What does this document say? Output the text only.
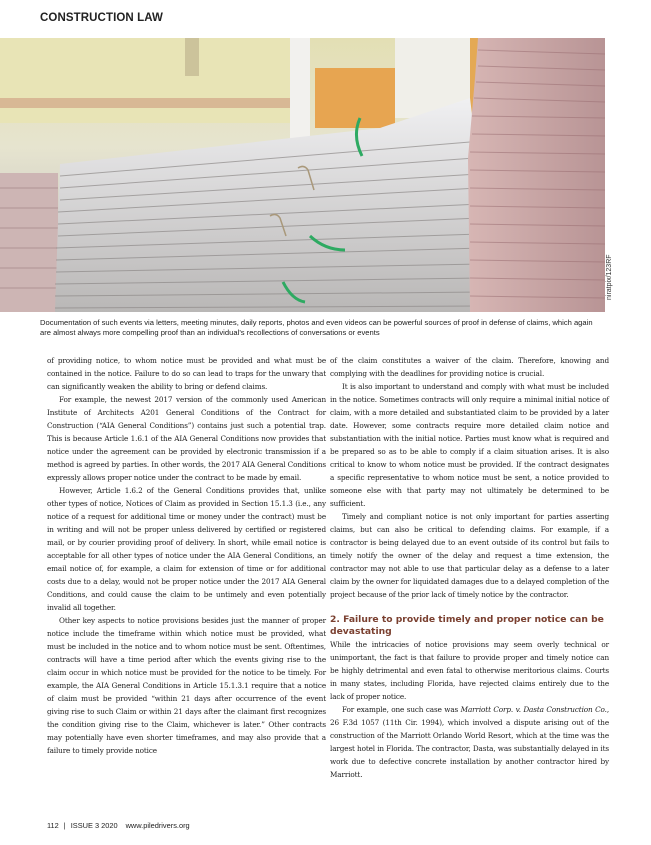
CONSTRUCTION LAW
niratpix/123RF
Documentation of such events via letters, meeting minutes, daily reports, photos and even videos can be powerful sources of proof in defense of claims, which again are almost always more compelling proof than an individual’s recollections of conversations or events

of providing notice, to whom notice must be provided and what must be contained in the notice. Failure to do so can lead to traps for the unwary that can significantly weaken the ability to bring or defend claims.

For example, the newest 2017 version of the commonly used American Institute of Architects A201 General Conditions of the Contract for Construction (“AIA General Conditions”) contains just such a potential trap. This is because Article 1.6.1 of the AIA General Conditions now provides that notice under the agreement can be provided by electronic transmission if a method is agreed by parties. In other words, the 2017 AIA General Conditions expressly allows proper notice under the contract to be made by email.

However, Article 1.6.2 of the General Conditions provides that, unlike other types of notice, Notices of Claim as provided in Section 15.1.3 (i.e., any notice of a request for additional time or money under the contract) must be in writing and will not be proper unless delivered by certified or registered mail, or by courier providing proof of delivery. In short, while email notice is acceptable for all other types of notice under the AIA General Conditions, an email notice of, for example, a claim for extension of time or for additional costs due to a delay, would not be proper notice under the 2017 AIA General Conditions, and could cause the claim to be untimely and even potentially invalid all together.

Other key aspects to notice provisions besides just the manner of proper notice include the timeframe within which notice must be provided, what must be included in the notice and to whom notice must be sent. Oftentimes, contracts will have a time period after which the events giving rise to the claim occur in which notice must be provided for the notice to be timely. For example, the AIA General Conditions in Article 15.1.3.1 require that a notice of claim must be provided “within 21 days after occurrence of the event giving rise to such Claim or within 21 days after the claimant first recognizes the condition giving rise to the Claim, whichever is later.” Other contracts may potentially have even shorter timeframes, and may also provide that a failure to timely provide notice

of the claim constitutes a waiver of the claim. Therefore, knowing and complying with the deadlines for providing notice is crucial.

It is also important to understand and comply with what must be included in the notice. Sometimes contracts will only require a minimal initial notice of claim, with a more detailed and substantiated claim to be provided by a later date. However, some contracts require more detailed claim notice and substantiation with the initial notice. Parties must know what is required and be prepared so as to be able to comply if a claim situation arises. It is also critical to know to whom notice must be provided. If the contract designates a specific representative to whom notice must be sent, a notice provided to someone else with that party may not ultimately be determined to be sufficient.

Timely and compliant notice is not only important for parties asserting claims, but can also be critical to defending claims. For example, if a contractor is being delayed due to an event outside of its control but fails to timely notify the owner of the delay and request a time extension, the contractor may not able to use that particular delay as a defense to a later claim by the owner for liquidated damages due to a delayed completion of the project because of the prior lack of timely notice by the contractor.

2. Failure to provide timely and proper notice can be devastating

While the intricacies of notice provisions may seem overly technical or unimportant, the fact is that failure to provide proper and timely notice can be highly detrimental and even fatal to otherwise meritorious claims. Courts in many states, including Florida, have rejected claims entirely due to the lack of proper notice.

For example, one such case was Marriott Corp. v. Dasta Construction Co., 26 F.3d 1057 (11th Cir. 1994), which involved a dispute arising out of the construction of the Marriott Orlando World Resort, which at the time was the largest hotel in Florida. The contractor, Dasta, was substantially delayed in its work due to defective concrete installation by another contractor hired by Marriott.

112 | ISSUE 3 2020 www.piledrivers.org
